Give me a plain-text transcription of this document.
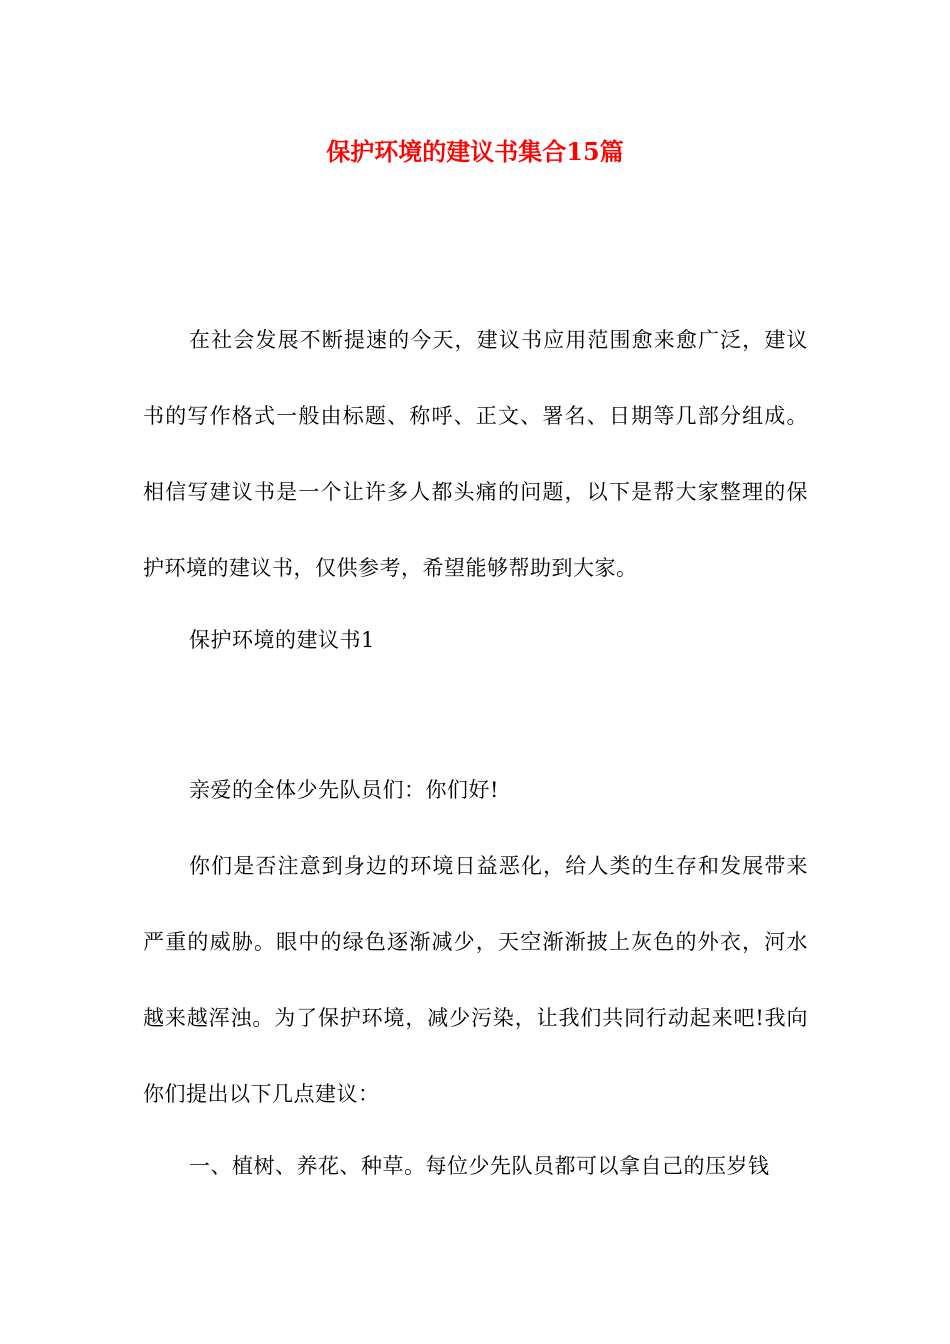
保护环境的建议书集合15篇

在社会发展不断提速的今天，建议书应用范围愈来愈广泛，建议书的写作格式一般由标题、称呼、正文、署名、日期等几部分组成。相信写建议书是一个让许多人都头痛的问题，以下是帮大家整理的保护环境的建议书，仅供参考，希望能够帮助到大家。

保护环境的建议书1

亲爱的全体少先队员们：你们好!

你们是否注意到身边的环境日益恶化，给人类的生存和发展带来严重的威胁。眼中的绿色逐渐减少，天空渐渐披上灰色的外衣，河水越来越浑浊。为了保护环境，减少污染，让我们共同行动起来吧!我向你们提出以下几点建议：

一、植树、养花、种草。每位少先队员都可以拿自己的压岁钱
